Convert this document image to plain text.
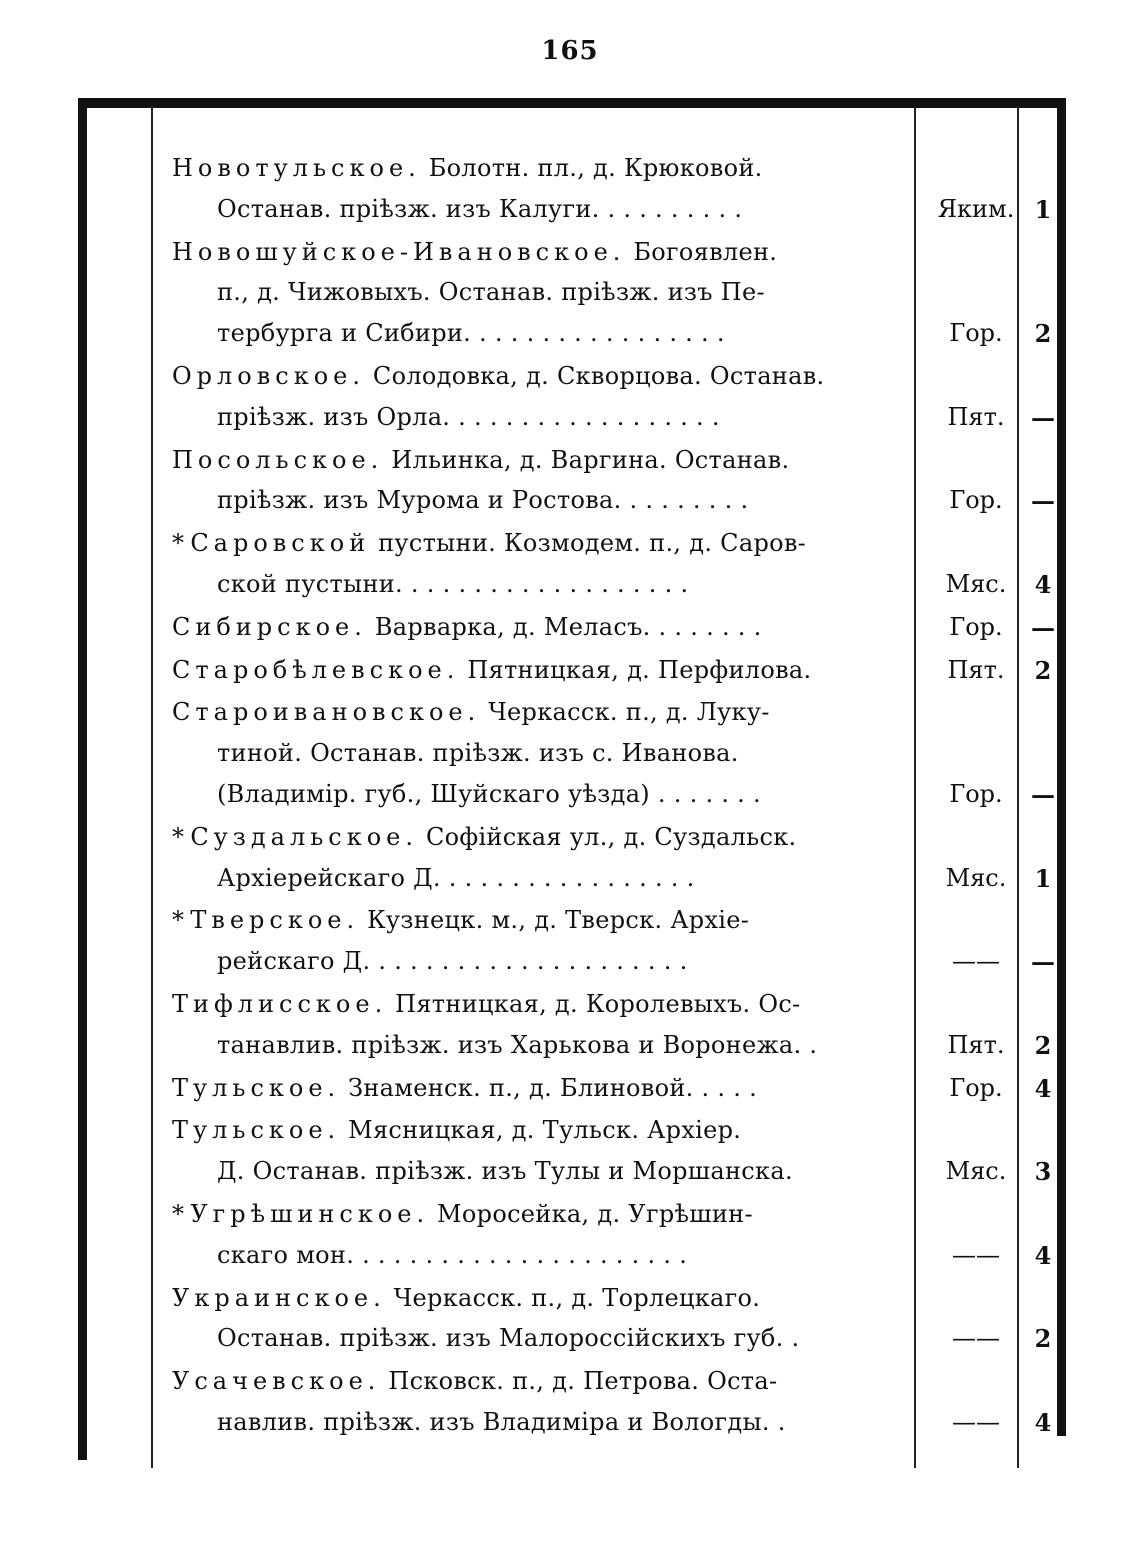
165
Новотульское. Болотн. пл., д. Крюковой.
Останав. прiѣзж. изъ Калуги. . . . . . . . . .	Яким. 1
Новошуйское-Ивановское. Богоявлен.
п., д. Чижовыхъ. Останав. прiѣзж. изъ Пе-
тербурга и Сибири. . . . . . . . . . . . . . . . .	Гор.	2
Орловское. Солодовка, д. Скворцова. Останав.
прiѣзж. изъ Орла. . . . . . . . . . . . . . . . . .	Пят.	—
Посольское. Ильинка, д. Варгина. Останав.
прiѣзж. изъ Мурома и Ростова. . . . . . . . .	Гор.	—
* Саровской пустыни. Козмодем. п., д. Саров-
ской пустыни. . . . . . . . . . . . . . . . . . .	Мяс.	4
Сибирское. Варварка, д. Меласъ. . . . . . . .	Гор.	—
Старобѣлевское. Пятницкая, д. Перфилова.	Пят.	2
Староивановское. Черкасск. п., д. Луку-
тиной. Останав. прiѣзж. изъ с. Иванова.
(Владимiр. губ., Шуйскаго уѣзда) . . . . . . .	Гор.	—
* Суздальское. Софiйская ул., д. Суздальск.
Архiерейскаго Д. . . . . . . . . . . . . . . . .	Мяс.	1
* Тверское. Кузнецк. м., д. Тверск. Архiе-
рейскаго Д. . . . . . . . . . . . . . . . . . . . .	——	—
Тифлисское. Пятницкая, д. Королевыхъ. Ос-
танавлив. прiѣзж. изъ Харькова и Воронежа. .	Пят.	2
Тульское. Знаменск. п., д. Блиновой. . . . .	Гор.	4
Тульское. Мясницкая, д. Тульск. Архiер.
Д. Останав. прiѣзж. изъ Тулы и Моршанска.	Мяс.	3
* Угрѣшинское. Моросейка, д. Угрѣшин-
скаго мон. . . . . . . . . . . . . . . . . . . . . .	——	4
Украинское. Черкасск. п., д. Торлецкаго.
Останав. прiѣзж. изъ Малороссiйскихъ губ. .	——	2
Усачевское. Псковск. п., д. Петрова. Оста-
навлив. прiѣзж. изъ Владимiра и Вологды. .	——	4
